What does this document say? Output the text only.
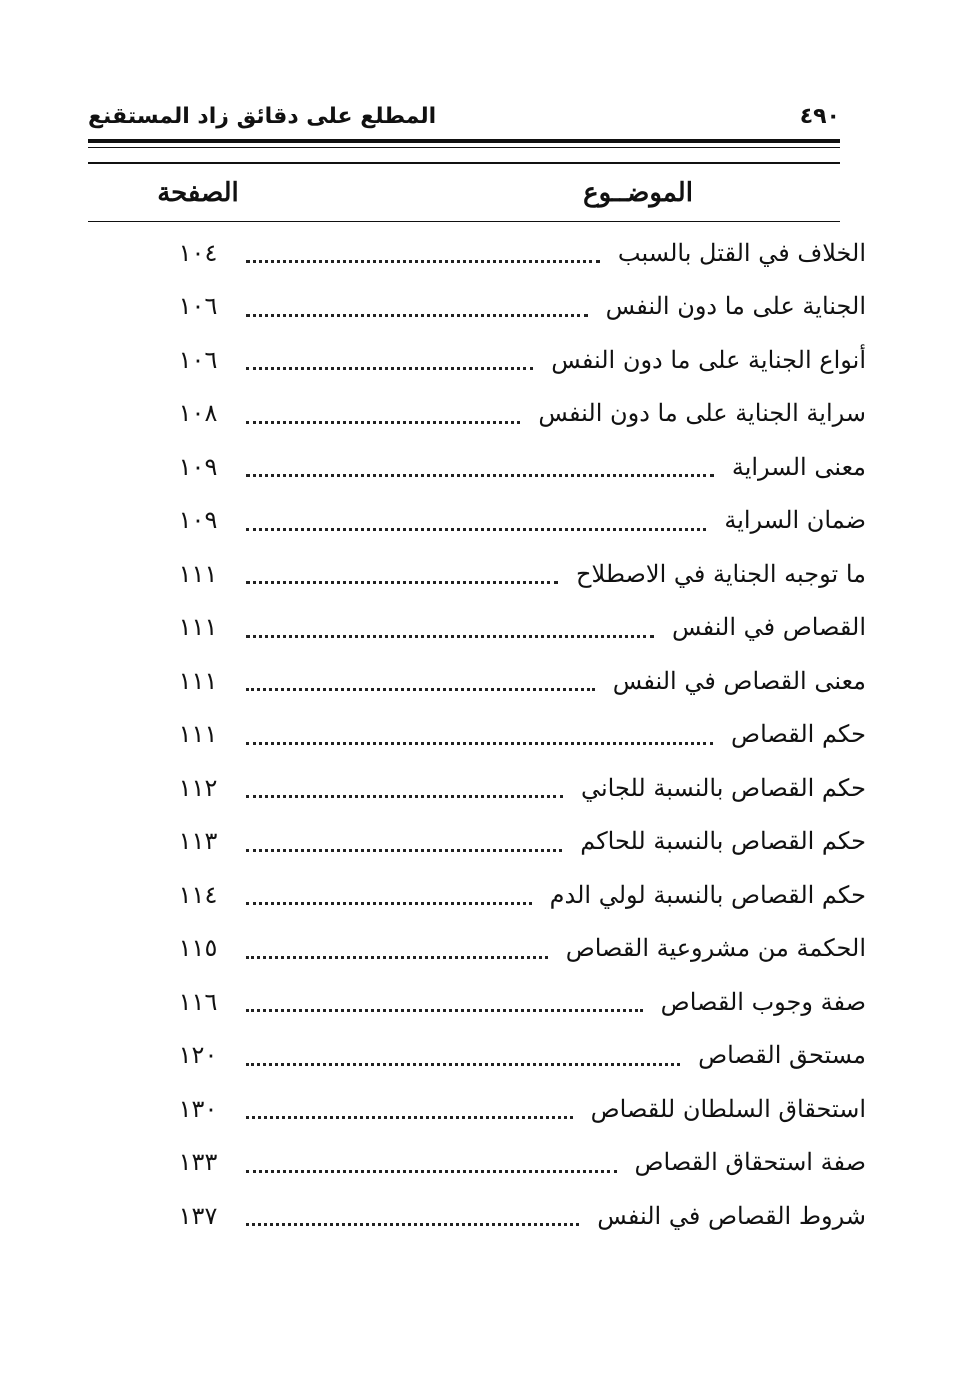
٤٩٠
المطلع على دقائق زاد المستقنع
الموضــوع
الصفحة
الخلاف في القتل بالسبب
١٠٤
الجناية على ما دون النفس
١٠٦
أنواع الجناية على ما دون النفس
١٠٦
سراية الجناية على ما دون النفس
١٠٨
معنى السراية
١٠٩
ضمان السراية
١٠٩
ما توجبه الجناية في الاصطلاح
١١١
القصاص في النفس
١١١
معنى القصاص في النفس
١١١
حكم القصاص
١١١
حكم القصاص بالنسبة للجاني
١١٢
حكم القصاص بالنسبة للحاكم
١١٣
حكم القصاص بالنسبة لولي الدم
١١٤
الحكمة من مشروعية القصاص
١١٥
صفة وجوب القصاص
١١٦
مستحق القصاص
١٢٠
استحقاق السلطان للقصاص
١٣٠
صفة استحقاق القصاص
١٣٣
شروط القصاص في النفس
١٣٧
